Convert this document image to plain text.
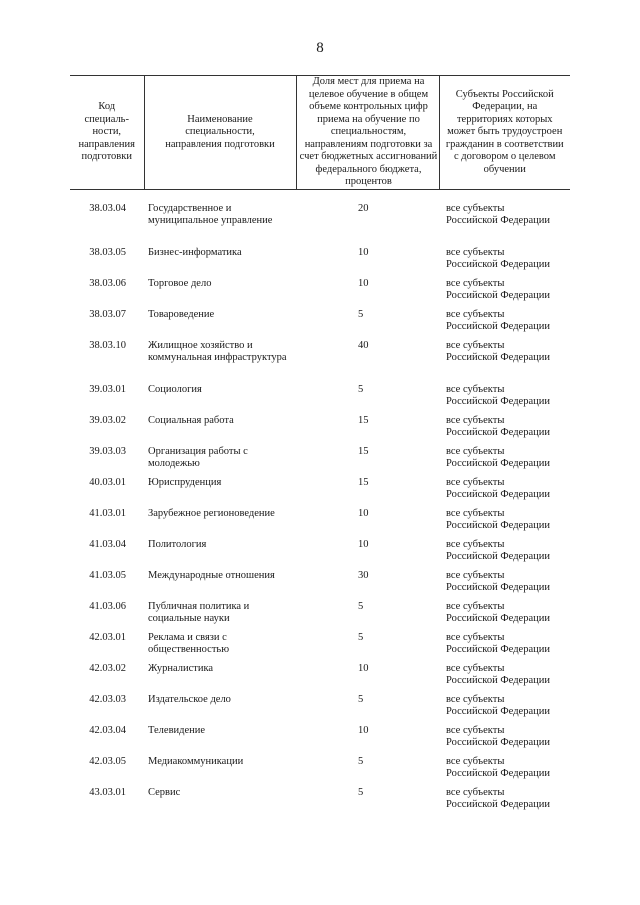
8
Код специаль-ности, направления подготовки	Наименование специальности, направления подготовки	Доля мест для приема на целевое обучение в общем объеме контрольных цифр приема на обучение по специальностям, направлениям подготовки за счет бюджетных ассигнований федерального бюджета, процентов	Субъекты Российской Федерации, на территориях которых может быть трудоустроен гражданин в соответствии с договором о целевом обучении

38.03.04	Государственное и муниципальное управление	20	все субъекты Российской Федерации
38.03.05	Бизнес-информатика	10	все субъекты Российской Федерации
38.03.06	Торговое дело	10	все субъекты Российской Федерации
38.03.07	Товароведение	5	все субъекты Российской Федерации
38.03.10	Жилищное хозяйство и коммунальная инфраструктура	40	все субъекты Российской Федерации
39.03.01	Социология	5	все субъекты Российской Федерации
39.03.02	Социальная работа	15	все субъекты Российской Федерации
39.03.03	Организация работы с молодежью	15	все субъекты Российской Федерации
40.03.01	Юриспруденция	15	все субъекты Российской Федерации
41.03.01	Зарубежное регионоведение	10	все субъекты Российской Федерации
41.03.04	Политология	10	все субъекты Российской Федерации
41.03.05	Международные отношения	30	все субъекты Российской Федерации
41.03.06	Публичная политика и социальные науки	5	все субъекты Российской Федерации
42.03.01	Реклама и связи с общественностью	5	все субъекты Российской Федерации
42.03.02	Журналистика	10	все субъекты Российской Федерации
42.03.03	Издательское дело	5	все субъекты Российской Федерации
42.03.04	Телевидение	10	все субъекты Российской Федерации
42.03.05	Медиакоммуникации	5	все субъекты Российской Федерации
43.03.01	Сервис	5	все субъекты Российской Федерации
